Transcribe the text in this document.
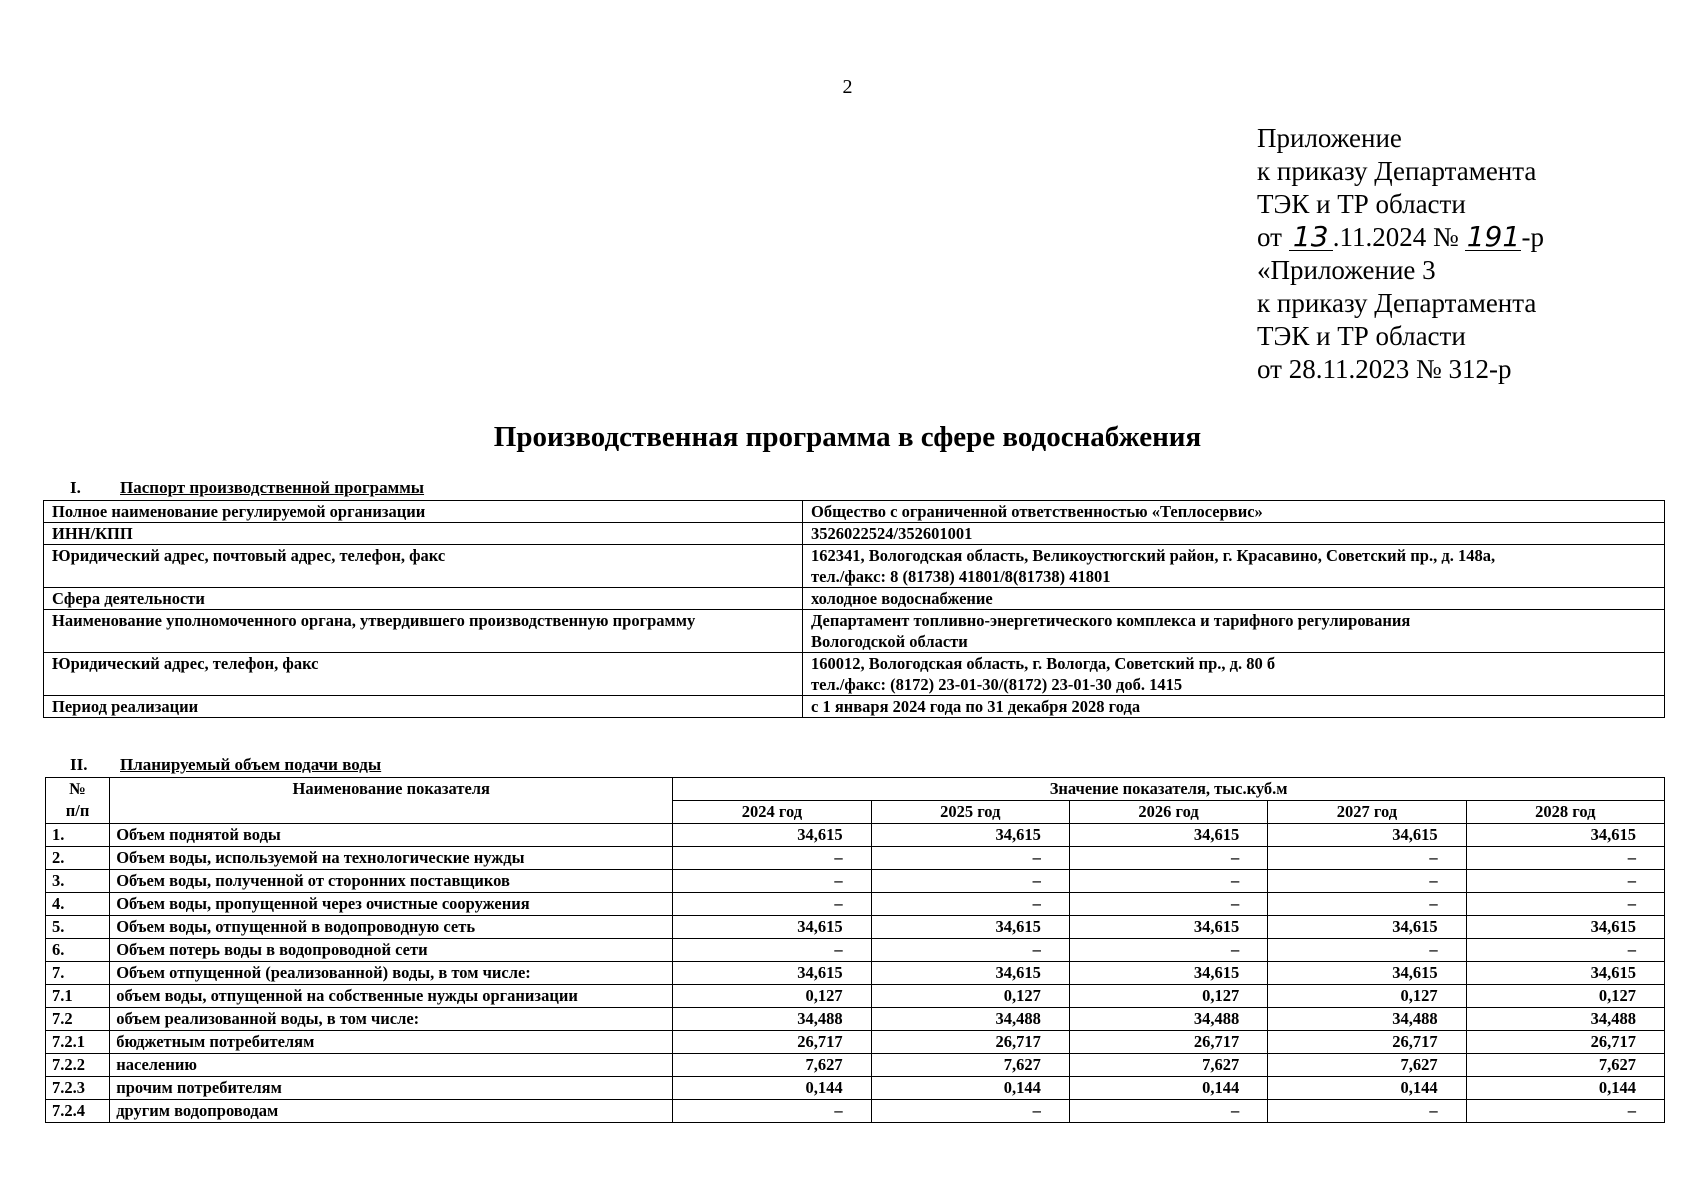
2
Приложение
к приказу Департамента
ТЭК и ТР области
от 13 .11.2024 № 191-р
«Приложение 3
к приказу Департамента
ТЭК и ТР области
от 28.11.2023 № 312-р
Производственная программа в сфере водоснабжения
I. Паспорт производственной программы
Полное наименование регулируемой организации	Общество с ограниченной ответственностью «Теплосервис»

ИНН/КПП	3526022524/352601001

Юридический адрес, почтовый адрес, телефон, факс	162341, Вологодская область, Великоустюгский район, г. Красавино, Советский пр., д. 148а,
тел./факс: 8 (81738) 41801/8(81738) 41801

Сфера деятельности	холодное водоснабжение

Наименование уполномоченного органа, утвердившего производственную программу	Департамент топливно-энергетического комплекса и тарифного регулирования
Вологодской области

Юридический адрес, телефон, факс	160012, Вологодская область, г. Вологда, Советский пр., д. 80 б
тел./факс: (8172) 23-01-30/(8172) 23-01-30 доб. 1415

Период реализации	с 1 января 2024 года по 31 декабря 2028 года
II. Планируемый объем подачи воды
№
п/п	Наименование показателя	Значение показателя, тыс.куб.м				
		2024 год	2025 год	2026 год	2027 год	2028 год
1.	Объем поднятой воды	34,615	34,615	34,615	34,615	34,615
2.	Объем воды, используемой на технологические нужды	–	–	–	–	–
3.	Объем воды, полученной от сторонних поставщиков	–	–	–	–	–
4.	Объем воды, пропущенной через очистные сооружения	–	–	–	–	–
5.	Объем воды, отпущенной в водопроводную сеть	34,615	34,615	34,615	34,615	34,615
6.	Объем потерь воды в водопроводной сети	–	–	–	–	–
7.	Объем отпущенной (реализованной) воды, в том числе:	34,615	34,615	34,615	34,615	34,615
7.1	объем воды, отпущенной на собственные нужды организации	0,127	0,127	0,127	0,127	0,127
7.2	объем реализованной воды, в том числе:	34,488	34,488	34,488	34,488	34,488
7.2.1	бюджетным потребителям	26,717	26,717	26,717	26,717	26,717
7.2.2	населению	7,627	7,627	7,627	7,627	7,627
7.2.3	прочим потребителям	0,144	0,144	0,144	0,144	0,144
7.2.4	другим водопроводам	–	–	–	–	–
